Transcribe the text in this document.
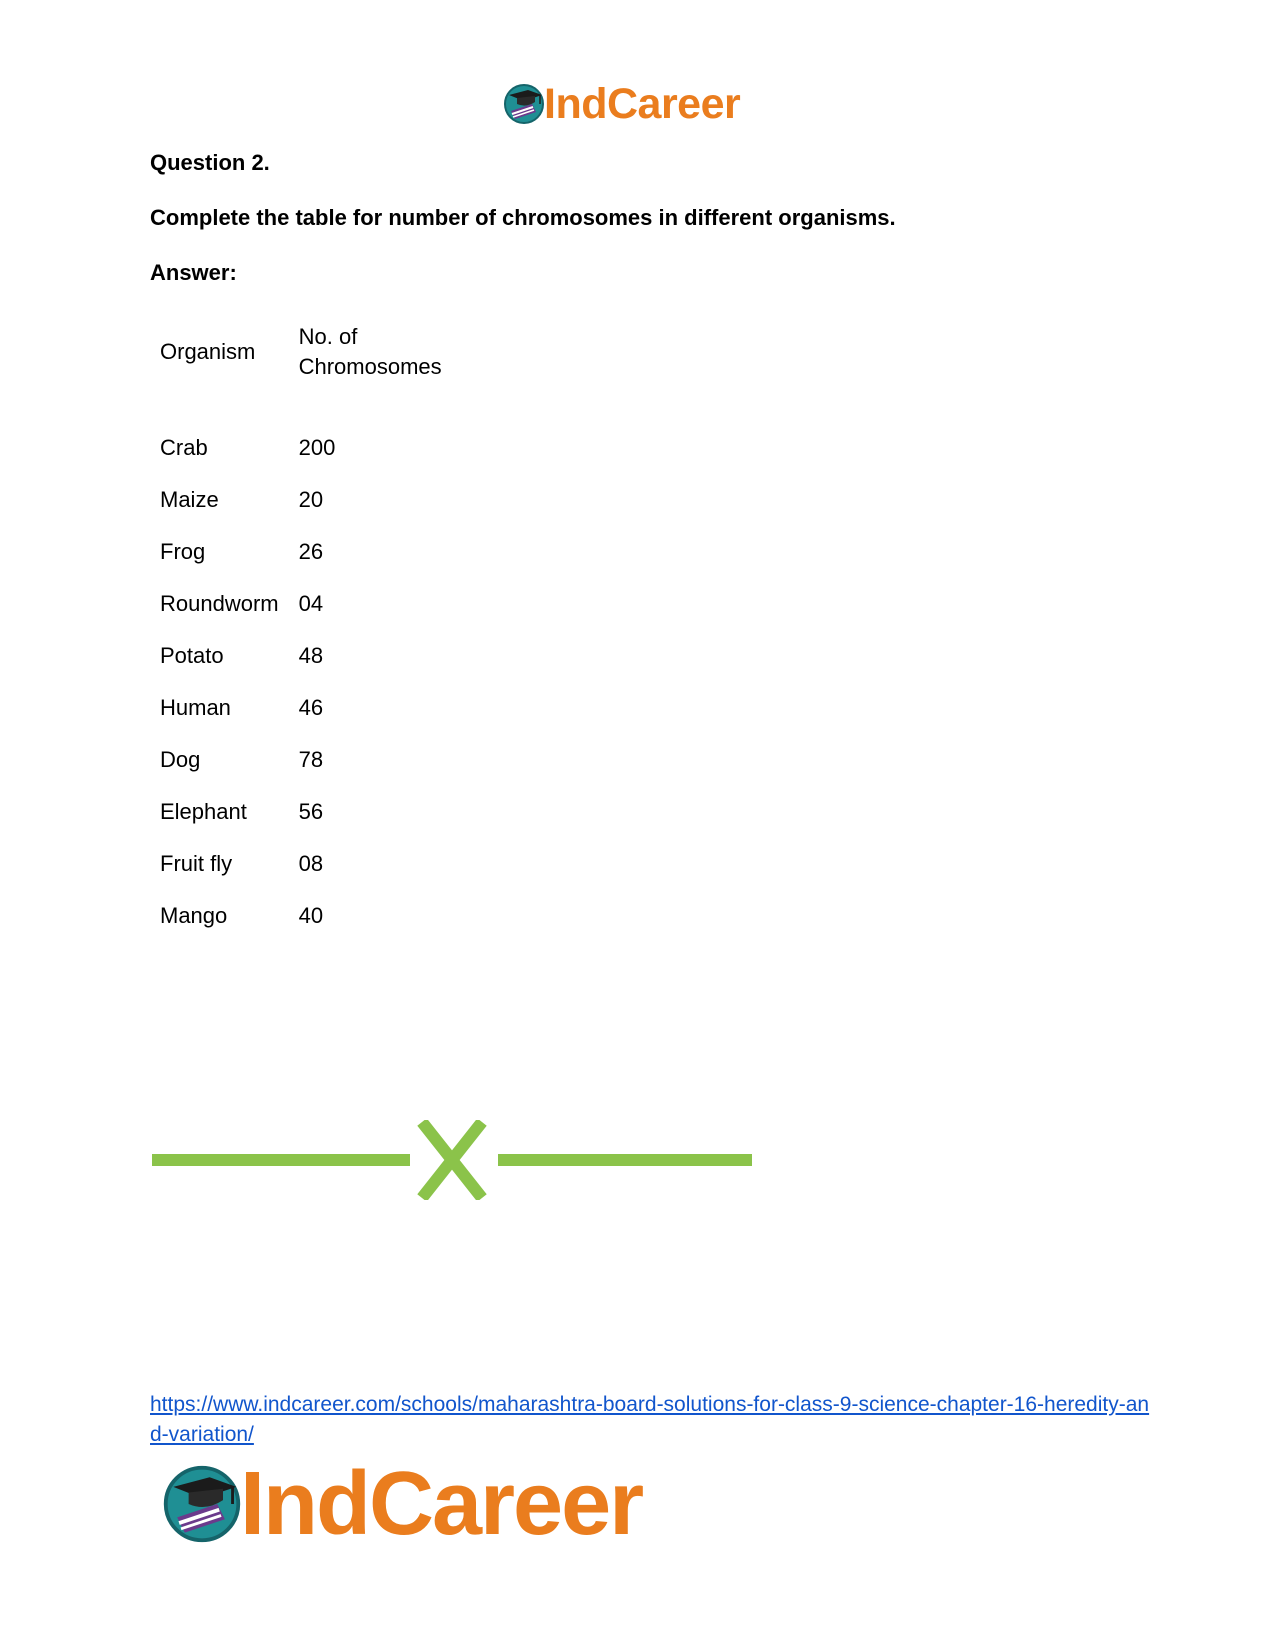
IndCareer
Question 2.
Complete the table for number of chromosomes in different organisms.
Answer:
Organism	No. of
Chromosomes
Crab	200
Maize	20
Frog	26
Roundworm	04
Potato	48
Human	46
Dog	78
Elephant	56
Fruit fly	08
Mango	40
https://www.indcareer.com/schools/maharashtra-board-solutions-for-class-9-science-chapter-16-heredity-and-variation/
IndCareer
